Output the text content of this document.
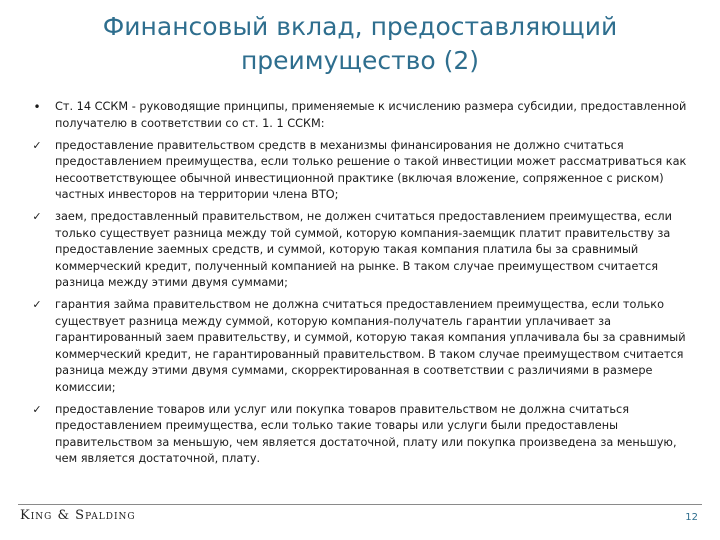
Финансовый вклад, предоставляющий преимущество (2)
•	Ст. 14 ССКМ - руководящие принципы, применяемые к исчислению размера субсидии, предоставленной получателю в соответствии со ст. 1. 1 ССКМ:
✓ предоставление правительством средств в механизмы финансирования не должно считаться предоставлением преимущества, если только решение о такой инвестиции может рассматриваться как несоответствующее обычной инвестиционной практике (включая вложение, сопряженное с риском) частных инвесторов на территории члена ВТО;
✓ заем, предоставленный правительством, не должен считаться предоставлением преимущества, если только существует разница между той суммой, которую компания-заемщик платит правительству за предоставление заемных средств, и суммой, которую такая компания платила бы за сравнимый коммерческий кредит, полученный компанией на рынке. В таком случае преимуществом считается разница между этими двумя суммами;
✓ гарантия займа правительством не должна считаться предоставлением преимущества, если только существует разница между суммой, которую компания-получатель гарантии уплачивает за гарантированный заем правительству, и суммой, которую такая компания уплачивала бы за сравнимый коммерческий кредит, не гарантированный правительством. В таком случае преимуществом считается разница между этими двумя суммами, скорректированная в соответствии с различиями в размере комиссии;
✓ предоставление товаров или услуг или покупка товаров правительством не должна считаться предоставлением преимущества, если только такие товары или услуги были предоставлены правительством за меньшую, чем является достаточной, плату или покупка произведена за меньшую, чем является достаточной, плату.
King & Spalding	12
